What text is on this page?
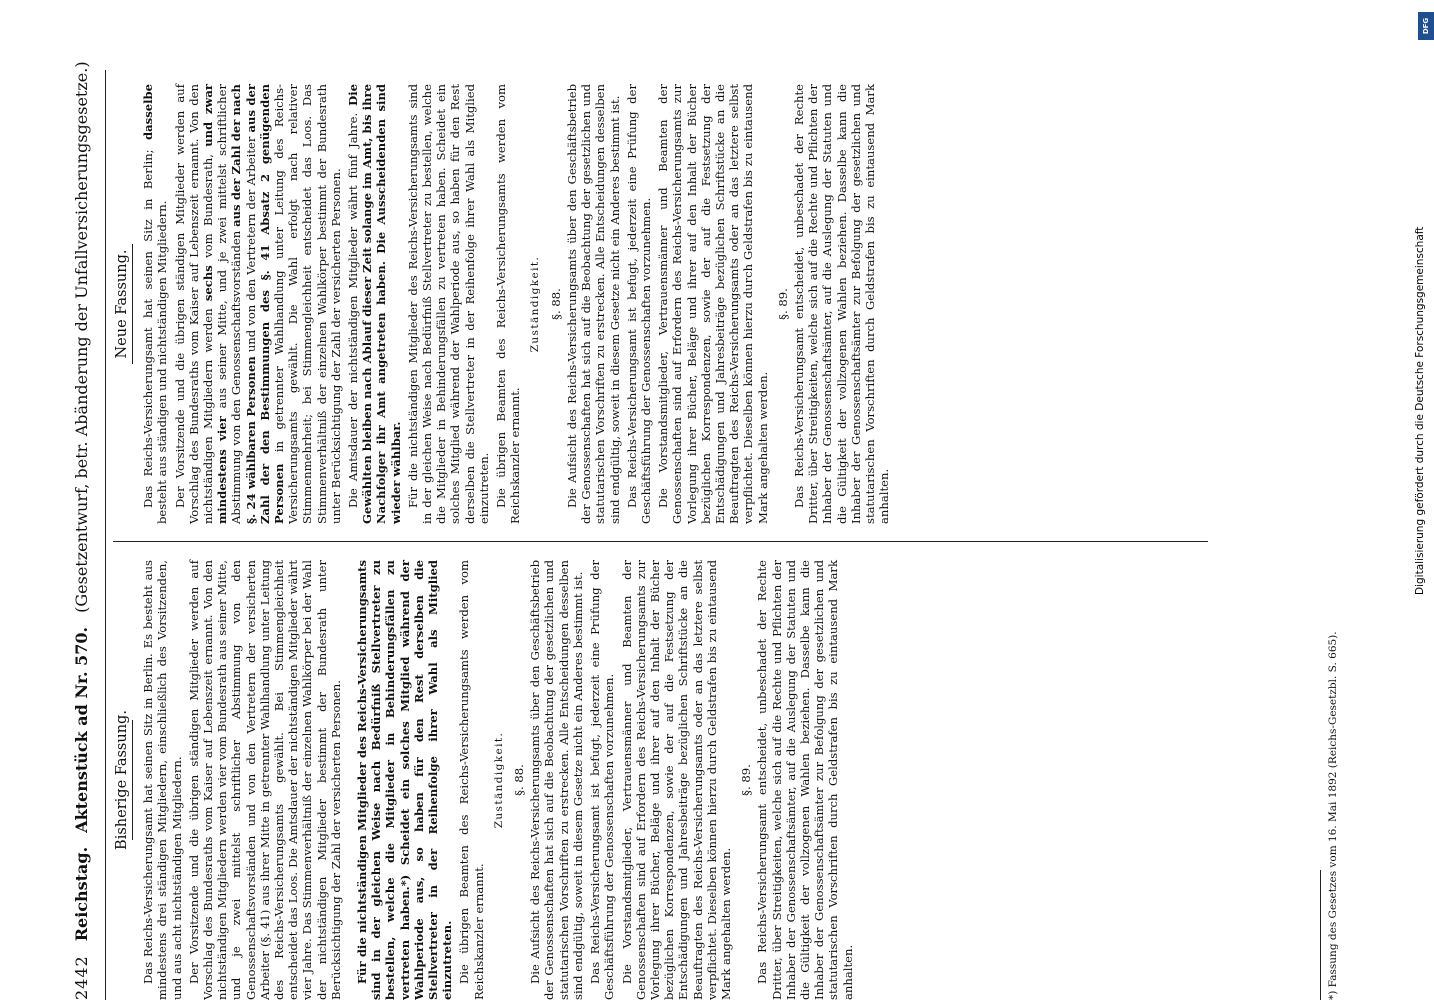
2442
Reichstag.
Aktenstück ad Nr. 570.
(Gesetzentwurf, betr. Abänderung der Unfallversicherungsgesetze.)
Bisherige Fassung. Das Reichs-Versicherungsamt hat seinen Sitz in Berlin. Es besteht aus mindestens drei ständigen Mitgliedern, einschließlich des Vorsitzenden, und aus acht nichtständigen Mitgliedern. Der Vorsitzende und die übrigen ständigen Mitglieder werden auf Vorschlag des Bundesraths vom Kaiser auf Lebenszeit ernannt. Von den nichtständigen Mitgliedern werden vier vom Bundesrath aus seiner Mitte, und je zwei mittelst schriftlicher Abstimmung von den Genossenschaftsvorständen und von den Vertretern der versicherten Arbeiter (§. 41) aus ihrer Mitte in getrennter Wahlhandlung unter Leitung des Reichs-Versicherungsamts gewählt. Bei Stimmengleichheit entscheidet das Loos. Die Amtsdauer der nichtständigen Mitglieder währt vier Jahre. Das Stimmenverhältniß der einzelnen Wahlkörper bei der Wahl der nichtständigen Mitglieder bestimmt der Bundesrath unter Berücksichtigung der Zahl der versicherten Personen. Für die nichtständigen Mitglieder des Reichs-Versicherungsamts sind in der gleichen Weise nach Bedürfniß Stellvertreter zu bestellen, welche die Mitglieder in Behinderungsfällen zu vertreten haben.*) Scheidet ein solches Mitglied während der Wahlperiode aus, so haben für den Rest derselben die Stellvertreter in der Reihenfolge ihrer Wahl als Mitglied einzutreten. Die übrigen Beamten des Reichs-Versicherungsamts werden vom Reichskanzler ernannt.

Zuständigkeit. §. 88. Die Aufsicht des Reichs-Versicherungsamts über den Geschäftsbetrieb der Genossenschaften hat sich auf die Beobachtung der gesetzlichen und statutarischen Vorschriften zu erstrecken. Alle Entscheidungen desselben sind endgültig, soweit in diesem Gesetze nicht ein Anderes bestimmt ist. Das Reichs-Versicherungsamt ist befugt, jederzeit eine Prüfung der Geschäftsführung der Genossenschaften vorzunehmen. Die Vorstandsmitglieder, Vertrauensmänner und Beamten der Genossenschaften sind auf Erfordern des Reichs-Versicherungsamts zur Vorlegung ihrer Bücher, Beläge und ihrer auf den Inhalt der Bücher bezüglichen Korrespondenzen, sowie der auf die Festsetzung der Entschädigungen und Jahresbeiträge bezüglichen Schriftstücke an die Beauftragten des Reichs-Versicherungsamts oder an das letztere selbst verpflichtet. Dieselben können hierzu durch Geldstrafen bis zu eintausend Mark angehalten werden.

§. 89. Das Reichs-Versicherungsamt entscheidet, unbeschadet der Rechte Dritter, über Streitigkeiten, welche sich auf die Rechte und Pflichten der Inhaber der Genossenschaftsämter, auf die Auslegung der Statuten und die Gültigkeit der vollzogenen Wahlen beziehen. Dasselbe kann die Inhaber der Genossenschaftsämter zur Befolgung der gesetzlichen und statutarischen Vorschriften durch Geldstrafen bis zu eintausend Mark anhalten.

Neue Fassung. Das Reichs-Versicherungsamt hat seinen Sitz in Berlin; dasselbe besteht aus ständigen und nichtständigen Mitgliedern. Der Vorsitzende und die übrigen ständigen Mitglieder werden auf Vorschlag des Bundesraths vom Kaiser auf Lebenszeit ernannt. Von den nichtständigen Mitgliedern werden sechs vom Bundesrath, und zwar mindestens vier aus seiner Mitte, und je zwei mittelst schriftlicher Abstimmung von den Genossenschaftsvorständen aus der Zahl der nach §. 24 wählbaren Personen und von den Vertretern der Arbeiter aus der Zahl der den Bestimmungen des §. 41 Absatz 2 genügenden Personen in getrennter Wahlhandlung unter Leitung des Reichs-Versicherungsamts gewählt. Die Wahl erfolgt nach relativer Stimmenmehrheit; bei Stimmengleichheit entscheidet das Loos. Das Stimmenverhältniß der einzelnen Wahlkörper bestimmt der Bundesrath unter Berücksichtigung der Zahl der versicherten Personen. Die Amtsdauer der nichtständigen Mitglieder währt fünf Jahre. Die Gewählten bleiben nach Ablauf dieser Zeit solange im Amt, bis ihre Nachfolger ihr Amt angetreten haben. Die Ausscheidenden sind wieder wählbar. Für die nichtständigen Mitglieder des Reichs-Versicherungsamts sind in der gleichen Weise nach Bedürfniß Stellvertreter zu bestellen, welche die Mitglieder in Behinderungsfällen zu vertreten haben. Scheidet ein solches Mitglied während der Wahlperiode aus, so haben für den Rest derselben die Stellvertreter in der Reihenfolge ihrer Wahl als Mitglied einzutreten. Die übrigen Beamten des Reichs-Versicherungsamts werden vom Reichskanzler ernannt.

Zuständigkeit. §. 88. Die Aufsicht des Reichs-Versicherungsamts über den Geschäftsbetrieb der Genossenschaften hat sich auf die Beobachtung der gesetzlichen und statutarischen Vorschriften zu erstrecken. Alle Entscheidungen desselben sind endgültig, soweit in diesem Gesetze nicht ein Anderes bestimmt ist. Das Reichs-Versicherungsamt ist befugt, jederzeit eine Prüfung der Geschäftsführung der Genossenschaften vorzunehmen. Die Vorstandsmitglieder, Vertrauensmänner und Beamten der Genossenschaften sind auf Erfordern des Reichs-Versicherungsamts zur Vorlegung ihrer Bücher, Beläge und ihrer auf den Inhalt der Bücher bezüglichen Korrespondenzen, sowie der auf die Festsetzung der Entschädigungen und Jahresbeiträge bezüglichen Schriftstücke an die Beauftragten des Reichs-Versicherungsamts oder an das letztere selbst verpflichtet. Dieselben können hierzu durch Geldstrafen bis zu eintausend Mark angehalten werden.

§. 89. Das Reichs-Versicherungsamt entscheidet, unbeschadet der Rechte Dritter, über Streitigkeiten, welche sich auf die Rechte und Pflichten der Inhaber der Genossenschaftsämter, auf die Auslegung der Statuten und die Gültigkeit der vollzogenen Wahlen beziehen. Dasselbe kann die Inhaber der Genossenschaftsämter zur Befolgung der gesetzlichen und statutarischen Vorschriften durch Geldstrafen bis zu eintausend Mark anhalten.

*) Fassung des Gesetzes vom 16. Mai 1892 (Reichs-Gesetzbl. S. 665).
DFG
Digitalisierung gefördert durch die Deutsche Forschungsgemeinschaft
